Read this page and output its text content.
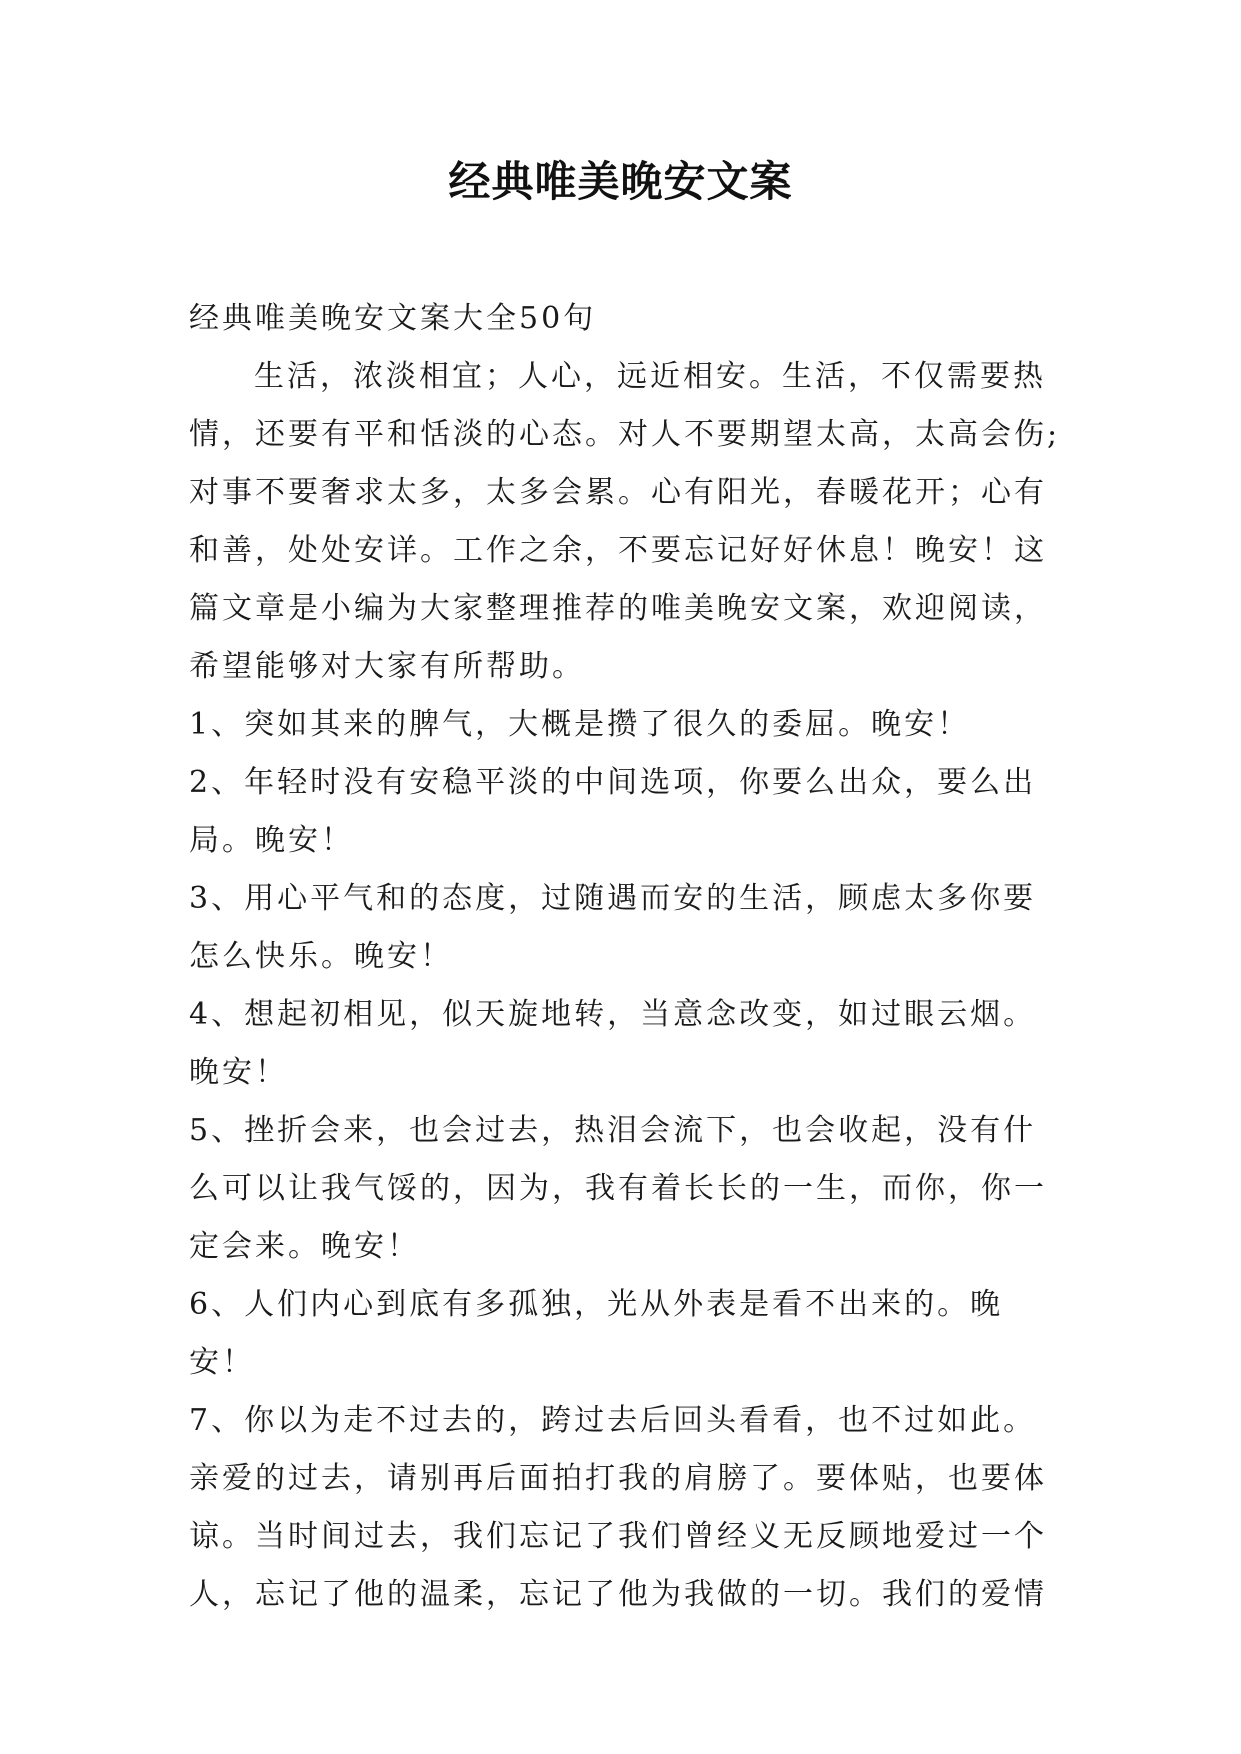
经典唯美晚安文案

经典唯美晚安文案大全50句

生活，浓淡相宜；人心，远近相安。生活，不仅需要热情，还要有平和恬淡的心态。对人不要期望太高，太高会伤;对事不要奢求太多，太多会累。心有阳光，春暖花开；心有和善，处处安详。工作之余，不要忘记好好休息！晚安！这篇文章是小编为大家整理推荐的唯美晚安文案，欢迎阅读，希望能够对大家有所帮助。

1、突如其来的脾气，大概是攒了很久的委屈。晚安！

2、年轻时没有安稳平淡的中间选项，你要么出众，要么出局。晚安！

3、用心平气和的态度，过随遇而安的生活，顾虑太多你要怎么快乐。晚安！

4、想起初相见，似天旋地转，当意念改变，如过眼云烟。晚安！

5、挫折会来，也会过去，热泪会流下，也会收起，没有什么可以让我气馁的，因为，我有着长长的一生，而你，你一定会来。晚安！

6、人们内心到底有多孤独，光从外表是看不出来的。晚安！

7、你以为走不过去的，跨过去后回头看看，也不过如此。亲爱的过去，请别再后面拍打我的肩膀了。要体贴，也要体谅。当时间过去，我们忘记了我们曾经义无反顾地爱过一个人，忘记了他的温柔，忘记了他为我做的一切。我们的爱情
